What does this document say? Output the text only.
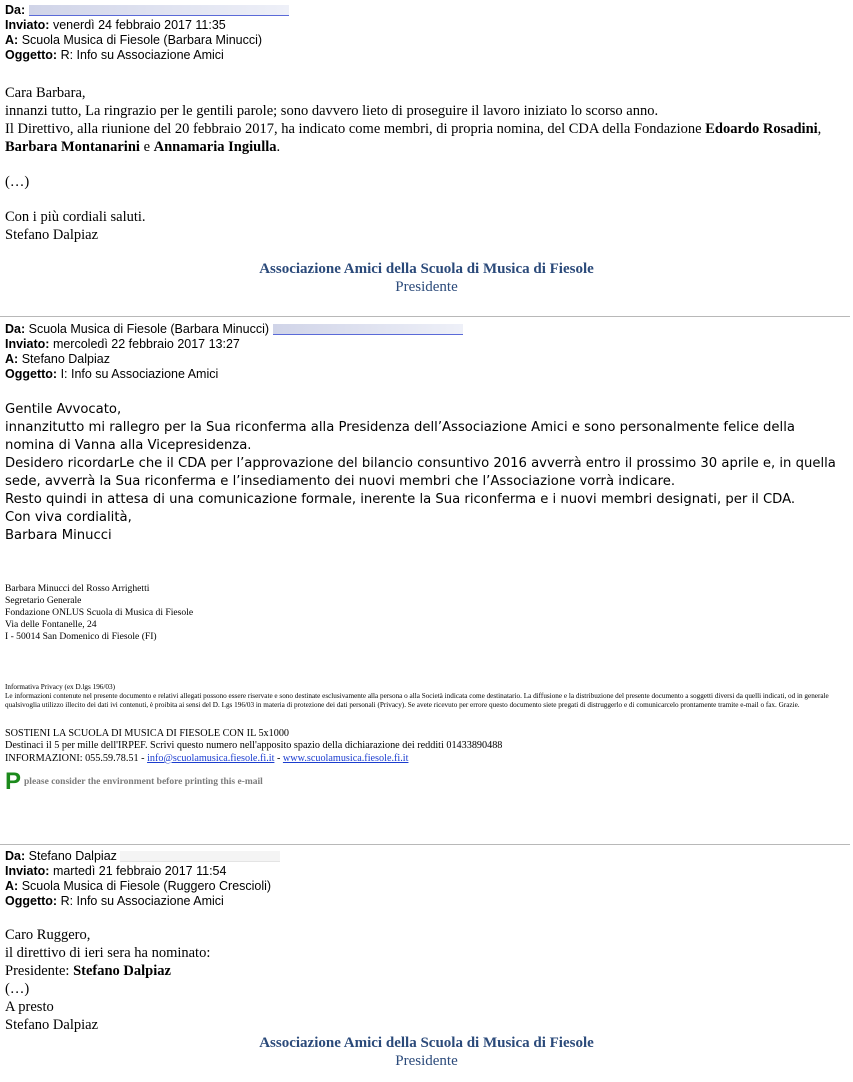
Da:
Inviato: venerdì 24 febbraio 2017 11:35
A: Scuola Musica di Fiesole (Barbara Minucci)
Oggetto: R: Info su Associazione Amici

Cara Barbara,

innanzi tutto, La ringrazio per le gentili parole; sono davvero lieto di proseguire il lavoro iniziato lo scorso anno.

Il Direttivo, alla riunione del 20 febbraio 2017, ha indicato come membri, di propria nomina, del CDA della Fondazione Edoardo Rosadini, Barbara Montanarini e Annamaria Ingiulla.

(…)

Con i più cordiali saluti.

Stefano Dalpiaz

Associazione Amici della Scuola di Musica di Fiesole
Presidente
Da: Scuola Musica di Fiesole (Barbara Minucci)
Inviato: mercoledì 22 febbraio 2017 13:27
A: Stefano Dalpiaz
Oggetto: I: Info su Associazione Amici

Gentile Avvocato,

innanzitutto mi rallegro per la Sua riconferma alla Presidenza dell’Associazione Amici e sono personalmente felice della nomina di Vanna alla Vicepresidenza.

Desidero ricordarLe che il CDA per l’approvazione del bilancio consuntivo 2016 avverrà entro il prossimo 30 aprile e, in quella sede, avverrà la Sua riconferma e l’insediamento dei nuovi membri che l’Associazione vorrà indicare.

Resto quindi in attesa di una comunicazione formale, inerente la Sua riconferma e i nuovi membri designati, per il CDA.

Con viva cordialità,

Barbara Minucci

Barbara Minucci del Rosso Arrighetti
Segretario Generale
Fondazione ONLUS Scuola di Musica di Fiesole
Via delle Fontanelle, 24
I - 50014 San Domenico di Fiesole (FI)
Informativa Privacy (ex D.lgs 196/03)
Le informazioni contenute nel presente documento e relativi allegati possono essere riservate e sono destinate esclusivamente alla persona o alla Società indicata come destinatario. La diffusione e la distribuzione del presente documento a soggetti diversi da quelli indicati, od in generale qualsivoglia utilizzo illecito dei dati ivi contenuti, è proibita ai sensi del D. Lgs 196/03 in materia di protezione dei dati personali (Privacy). Se avete ricevuto per errore questo documento siete pregati di distruggerlo e di comunicarcelo prontamente tramite e-mail o fax. Grazie.
SOSTIENI LA SCUOLA DI MUSICA DI FIESOLE CON IL 5x1000
Destinaci il 5 per mille dell'IRPEF. Scrivi questo numero nell'apposito spazio della dichiarazione dei redditi 01433890488
INFORMAZIONI: 055.59.78.51 - info@scuolamusica.fiesole.fi.it - www.scuolamusica.fiesole.fi.it
Pplease consider the environment before printing this e-mail
Da: Stefano Dalpiaz
Inviato: martedì 21 febbraio 2017 11:54
A: Scuola Musica di Fiesole (Ruggero Crescioli)
Oggetto: R: Info su Associazione Amici

Caro Ruggero,

il direttivo di ieri sera ha nominato:

Presidente: Stefano Dalpiaz

(…)

A presto

Stefano Dalpiaz

Associazione Amici della Scuola di Musica di Fiesole
Presidente
